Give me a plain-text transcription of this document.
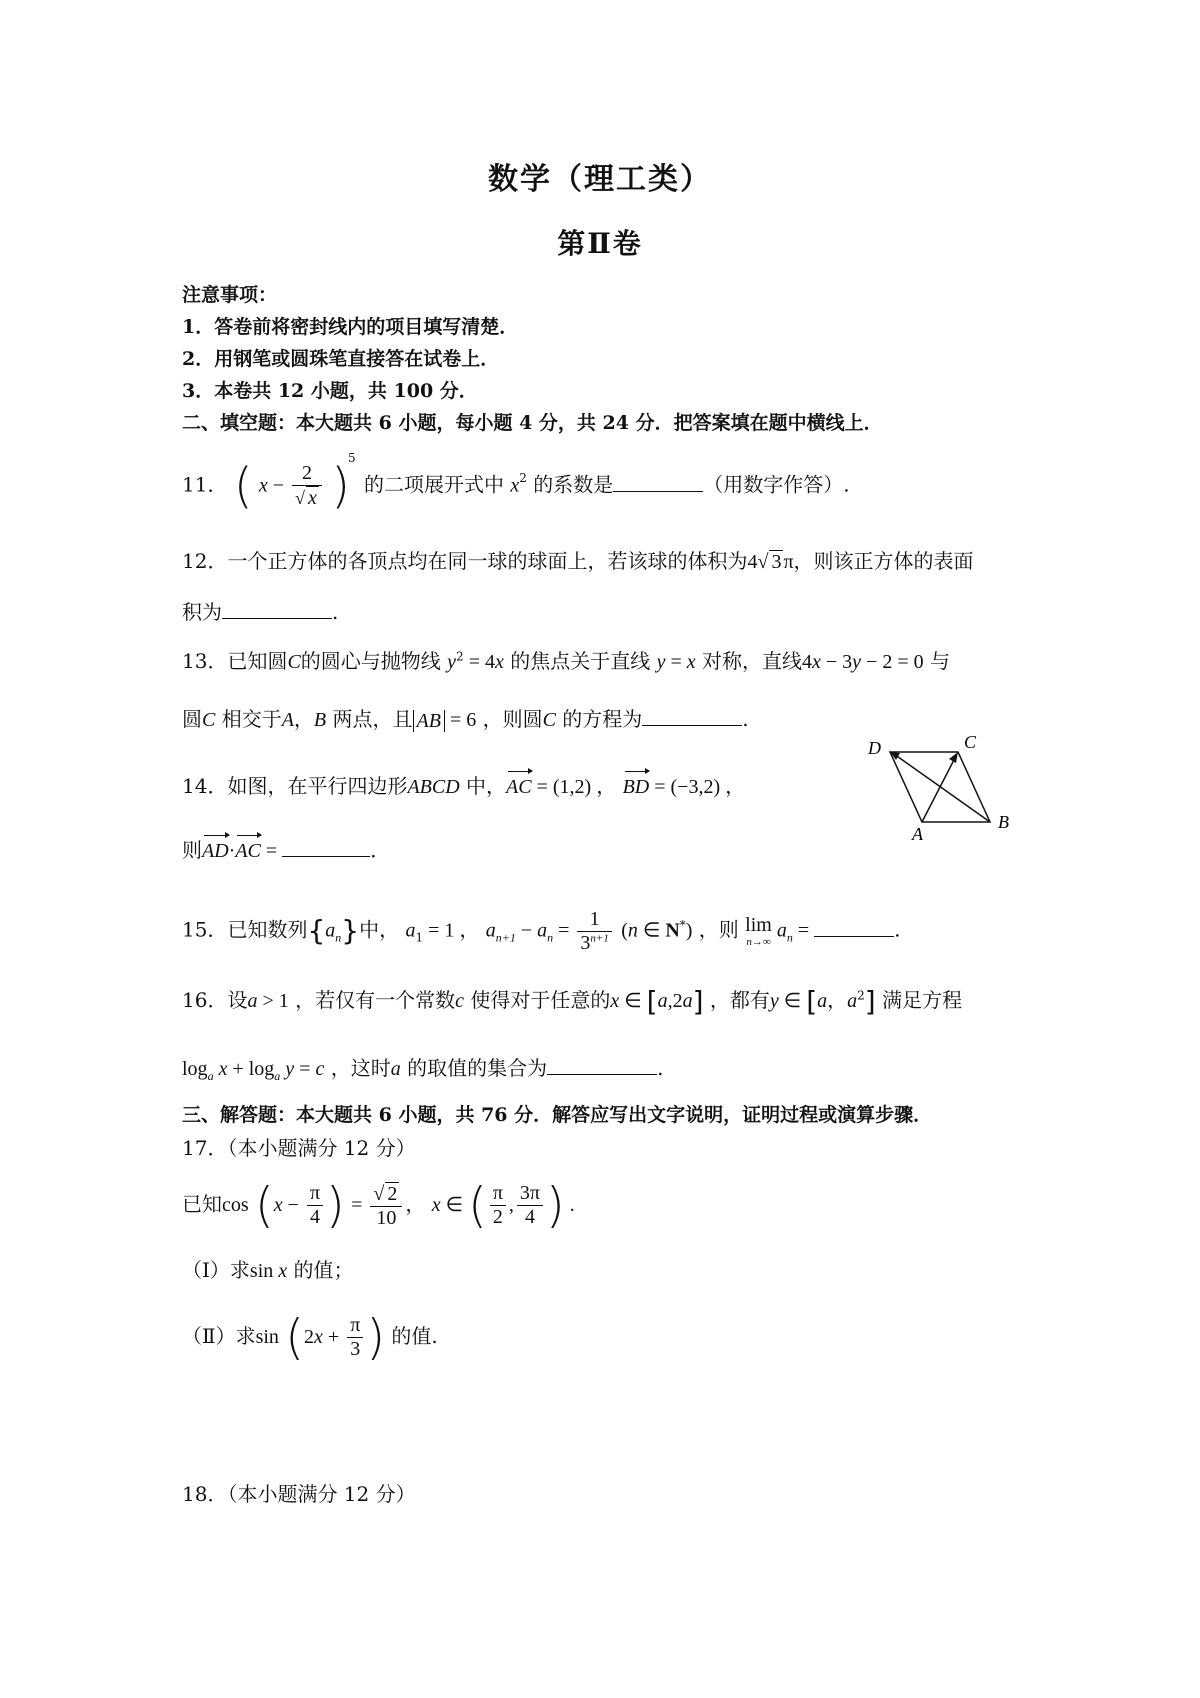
数学（理工类）
第Ⅱ卷
注意事项：
1．答卷前将密封线内的项目填写清楚．
2．用钢笔或圆珠笔直接答在试卷上．
3．本卷共 12 小题，共 100 分．
二、填空题：本大题共 6 小题，每小题 4 分，共 24 分．把答案填在题中横线上．
11． ( $x - \frac{2}{√ x} )^5$ 的二项展开式中 $x^2$ 的系数是	（用数字作答）.
12．一个正方体的各顶点均在同一球的球面上，若该球的体积为4√ 3 π，则该正方体的表面
积为	.
13．已知圆C的圆心与抛物线 $y^2 = 4x$ 的焦点关于直线 y = x 对称，直线4x − 3y − 2 = 0 与
圆C 相交于A，B 两点，且 AB = 6 ，则圆C 的方程为	.
14．如图，在平行四边形ABCD 中，AC = (1,2) ， BD = (−3,2) ，
则AD·AC =	．
D	C
A
B
15．已知数列$\{a_n\}$中， $a_1 = 1$ ， $a_{n+1} - a_n = \frac{1}{3^{n+1}} (n$ ∈ N*) ，则 lim
n→∞ $a_n$ =	.
16．设a > 1 ，若仅有一个常数c 使得对于任意的x ∈ [a,2a] ，都有y ∈ [a，$a^2$] 满足方程
$\log_a x + \log_a y = c$ ，这时a 的取值的集合为	.
三、解答题：本大题共 6 小题，共 76 分．解答应写出文字说明，证明过程或演算步骤．
17．（本小题满分 12 分）
已知$\cos (x - \frac{\pi}{4}$ ) = $\frac{√ 2}{10}$ ， x ∈ ( $\frac{\pi}{2}$ , $\frac{3\pi}{4}$ ) .
（Ⅰ）求sin x 的值；
（Ⅱ）求$\sin (2x + \frac{\pi}{3}$ ) 的值.
18．（本小题满分 12 分）
